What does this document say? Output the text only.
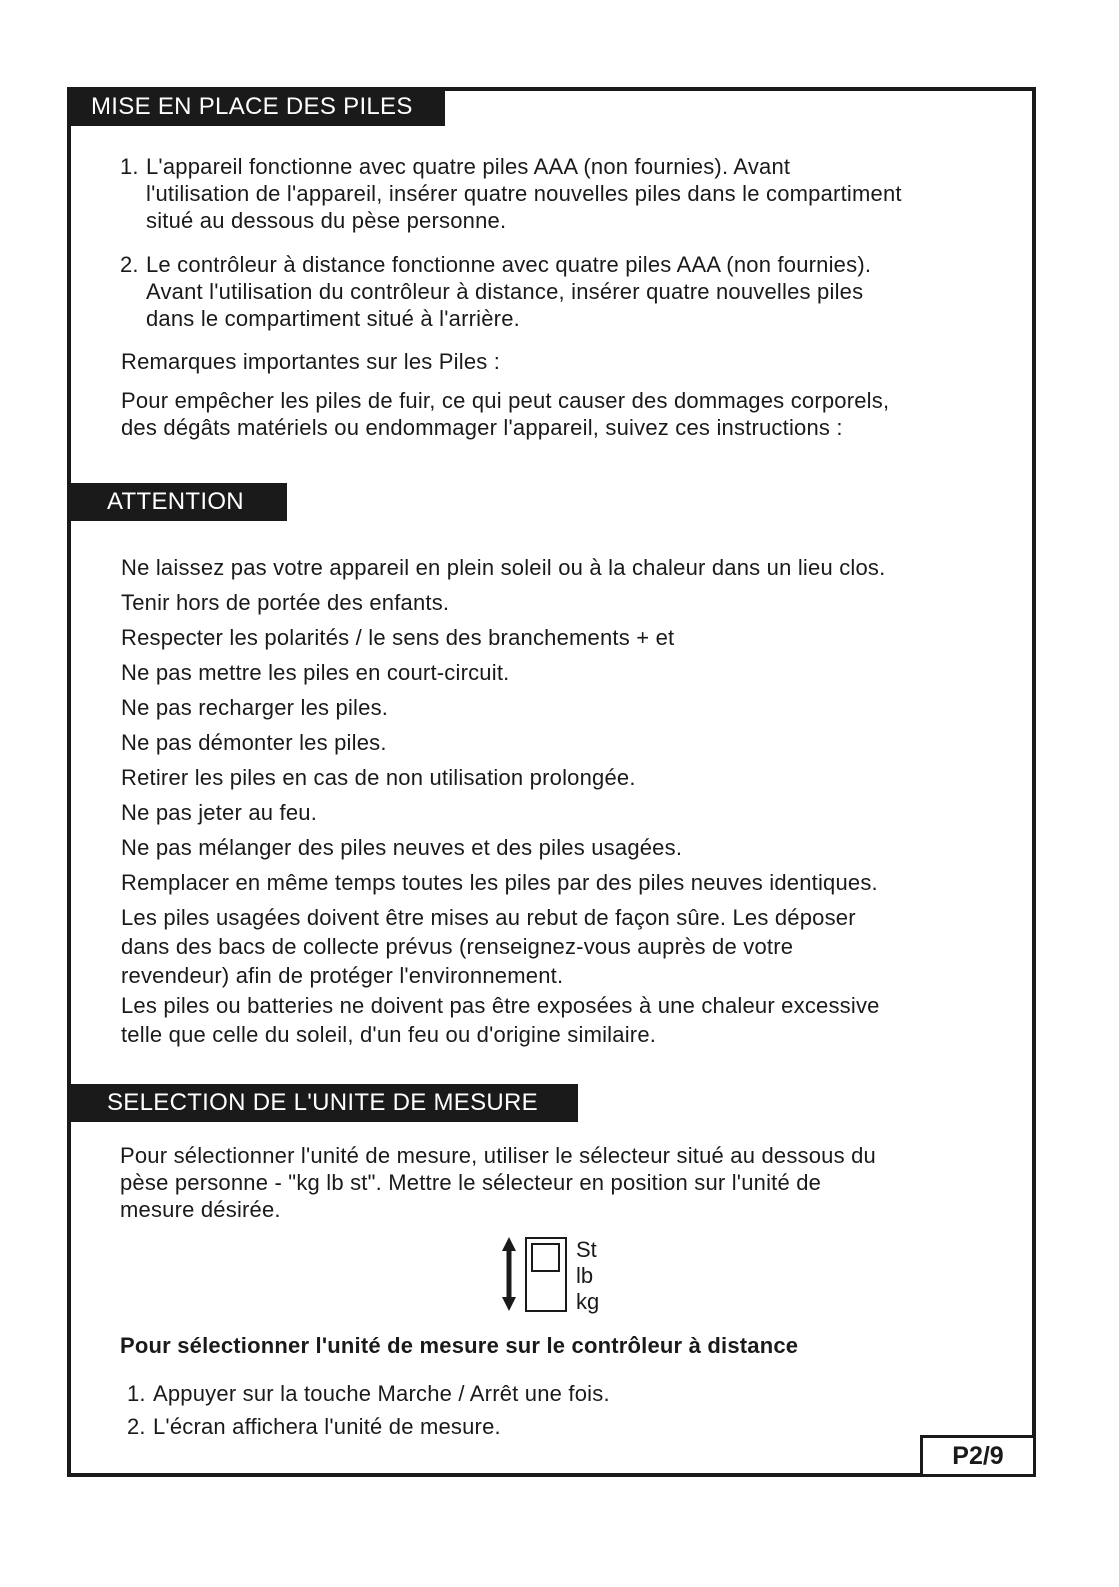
MISE EN PLACE DES PILES
1. L'appareil fonctionne avec quatre piles AAA (non fournies). Avant
l'utilisation de l'appareil, insérer quatre nouvelles piles dans le compartiment
situé au dessous du pèse personne.
2. Le contrôleur à distance fonctionne avec quatre piles AAA (non fournies).
Avant l'utilisation du contrôleur à distance, insérer quatre nouvelles piles
dans le compartiment situé à l'arrière.
Remarques importantes sur les Piles :
Pour empêcher les piles de fuir, ce qui peut causer des dommages corporels,
des dégâts matériels ou endommager l'appareil, suivez ces instructions :
ATTENTION
Ne laissez pas votre appareil en plein soleil ou à la chaleur dans un lieu clos.
Tenir hors de portée des enfants.
Respecter les polarités / le sens des branchements + et
Ne pas mettre les piles en court-circuit.
Ne pas recharger les piles.
Ne pas démonter les piles.
Retirer les piles en cas de non utilisation prolongée.
Ne pas jeter au feu.
Ne pas mélanger des piles neuves et des piles usagées.
Remplacer en même temps toutes les piles par des piles neuves identiques.
Les piles usagées doivent être mises au rebut de façon sûre. Les déposer
dans des bacs de collecte prévus (renseignez-vous auprès de votre
revendeur) afin de protéger l'environnement.
Les piles ou batteries ne doivent pas être exposées à une chaleur excessive
telle que celle du soleil, d'un feu ou d'origine similaire.
SELECTION DE L'UNITE DE MESURE
Pour sélectionner l'unité de mesure, utiliser le sélecteur situé au dessous du
pèse personne - "kg lb st". Mettre le sélecteur en position sur l'unité de
mesure désirée.
St
lb
kg
Pour sélectionner l'unité de mesure sur le contrôleur à distance
1. Appuyer sur la touche Marche / Arrêt une fois.
2. L'écran affichera l'unité de mesure.
P2/9
